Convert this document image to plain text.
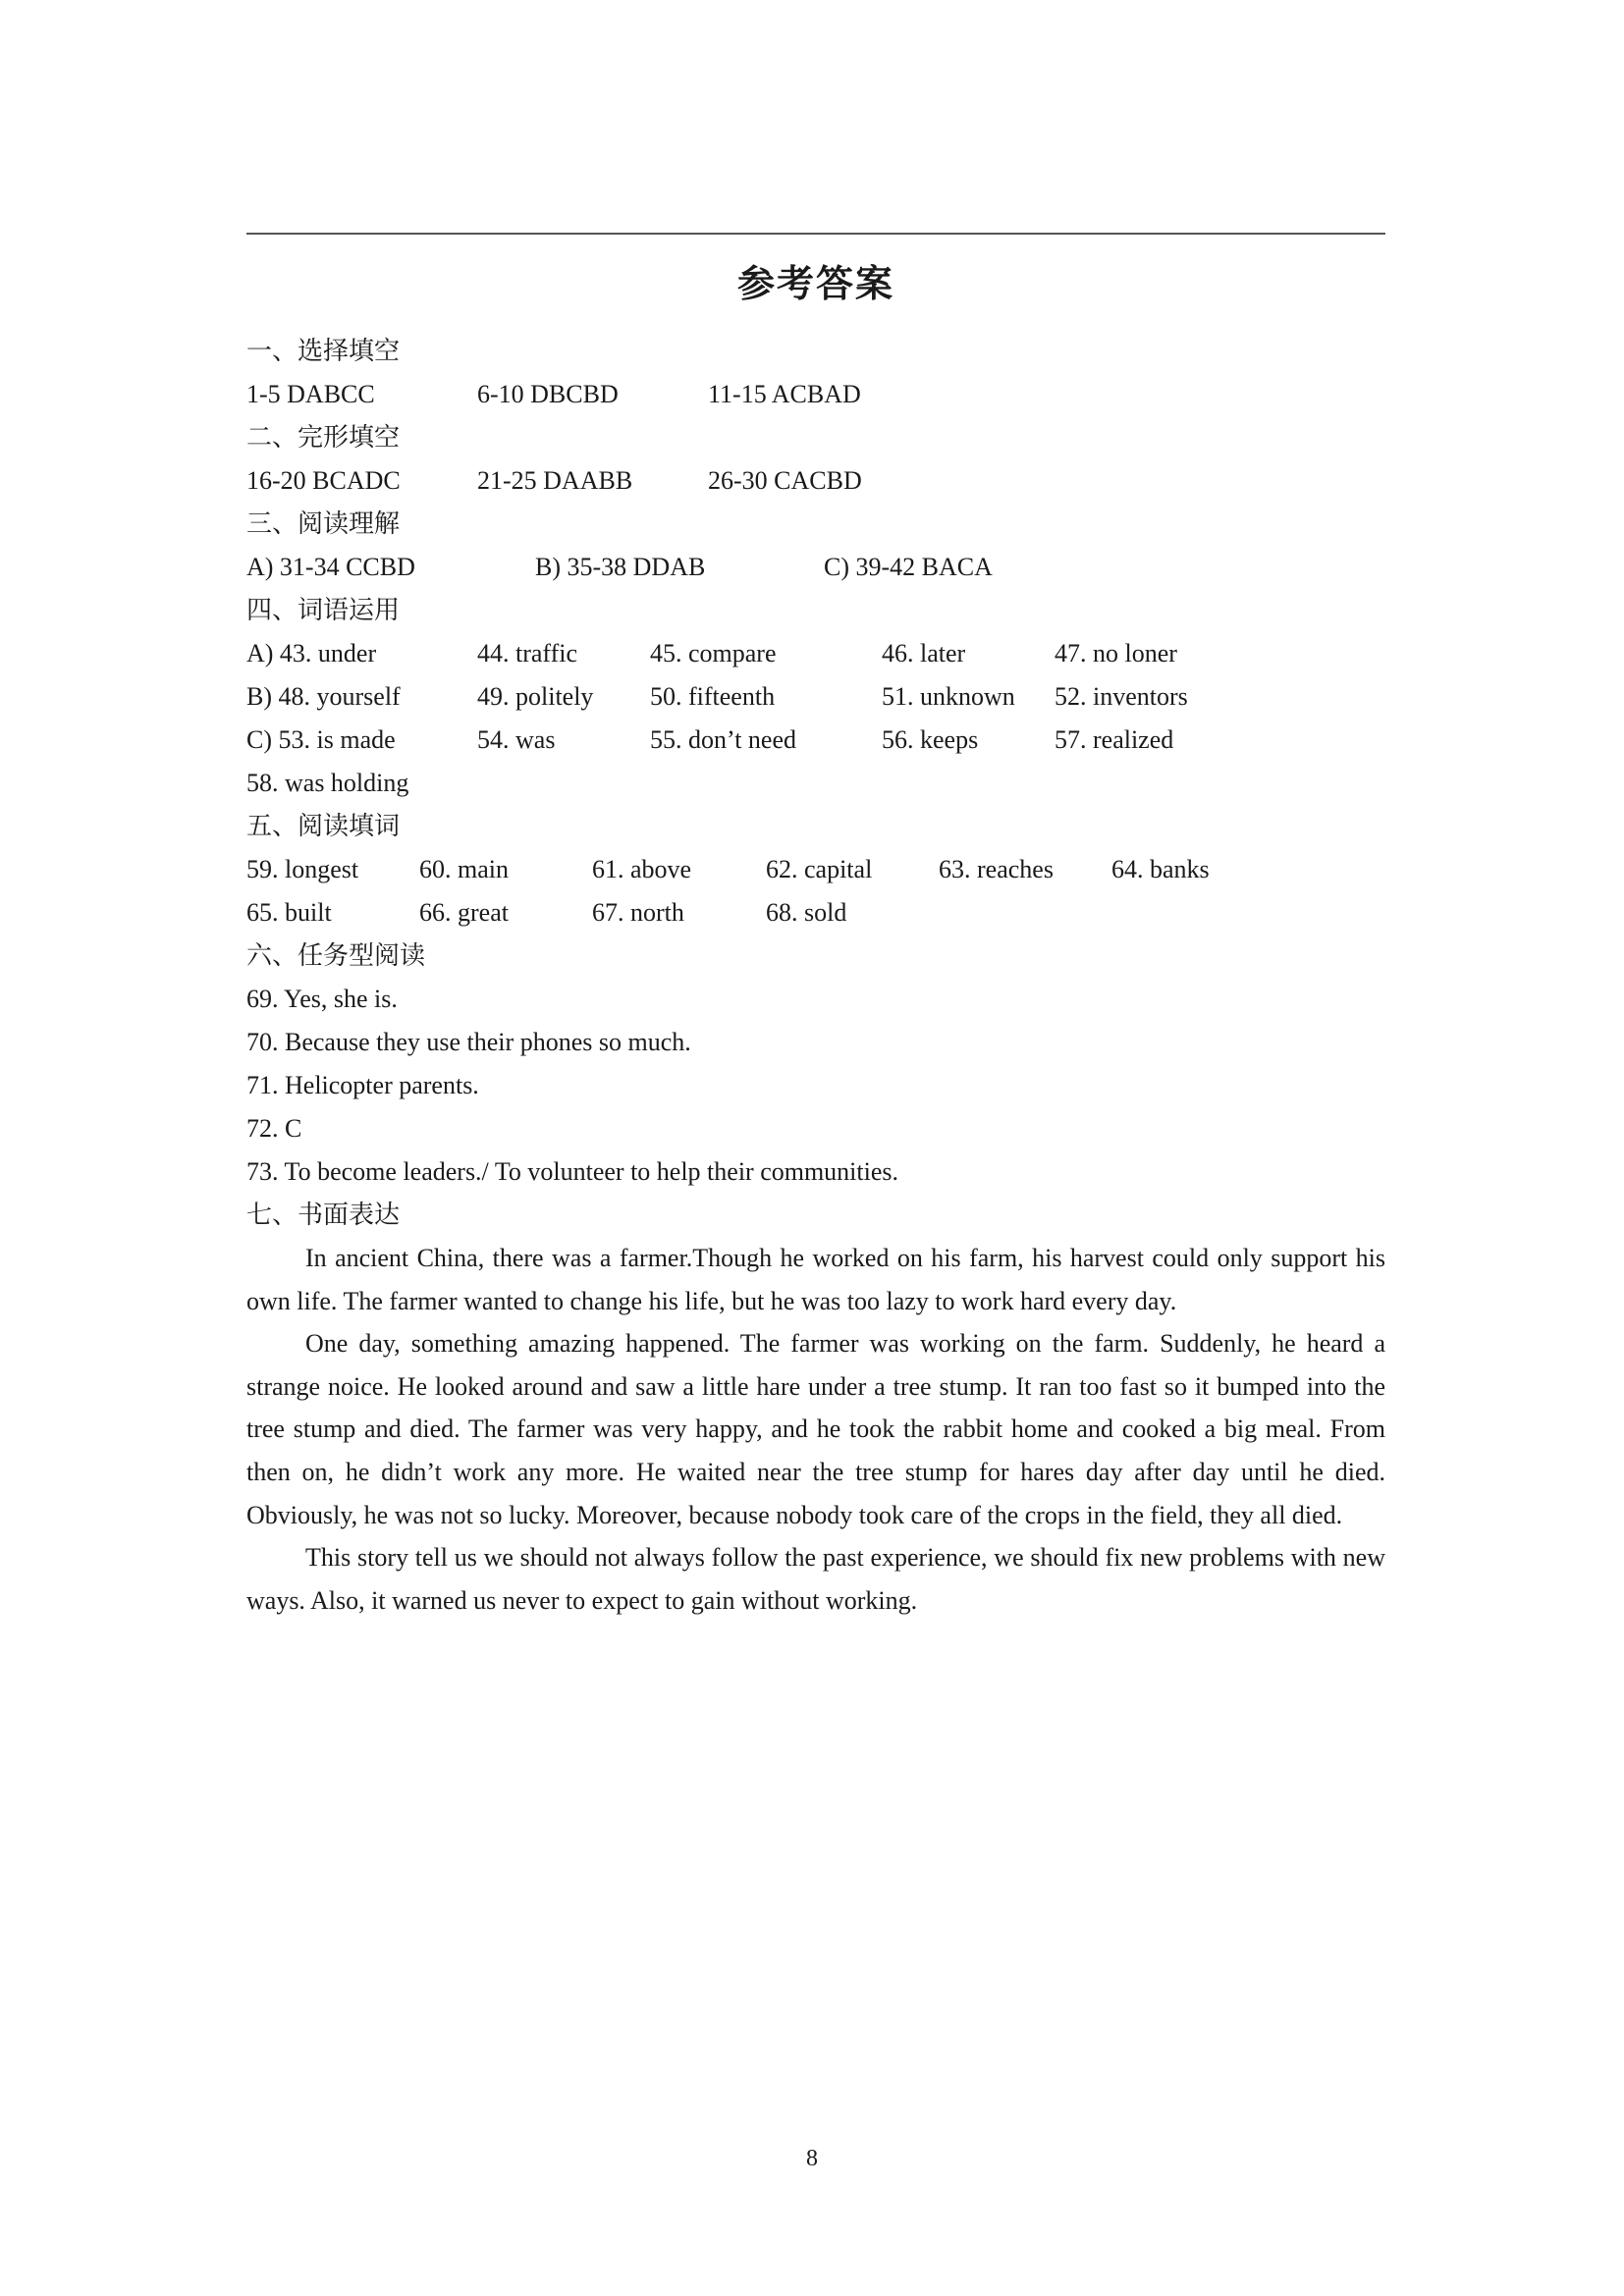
参考答案
一、选择填空
1-5 DABCC	6-10 DBCBD	11-15 ACBAD
二、完形填空
16-20 BCADC	21-25 DAABB	26-30 CACBD
三、阅读理解
A) 31-34 CCBD	B) 35-38 DDAB	C) 39-42 BACA
四、词语运用
A) 43. under	44. traffic	45. compare	46. later	47. no loner
B) 48. yourself	49. politely 50. fifteenth	51. unknown 52. inventors
C) 53. is made	54. was	55. don’t need	56. keeps	57. realized
58. was holding
五、阅读填词
59. longest 60. main	61. above	62. capital	63. reaches 64. banks
65. built	66. great	67. north	68. sold
六、任务型阅读
69. Yes, she is.
70. Because they use their phones so much.
71. Helicopter parents.
72. C
73. To become leaders./ To volunteer to help their communities.
七、书面表达

In ancient China, there was a farmer.Though he worked on his farm, his harvest could only support his own life. The farmer wanted to change his life, but he was too lazy to work hard every day.

One day, something amazing happened. The farmer was working on the farm. Suddenly, he heard a strange noice. He looked around and saw a little hare under a tree stump. It ran too fast so it bumped into the tree stump and died. The farmer was very happy, and he took the rabbit home and cooked a big meal. From then on, he didn’t work any more. He waited near the tree stump for hares day after day until he died. Obviously, he was not so lucky. Moreover, because nobody took care of the crops in the field, they all died.

This story tell us we should not always follow the past experience, we should fix new problems with new ways. Also, it warned us never to expect to gain without working.

8
